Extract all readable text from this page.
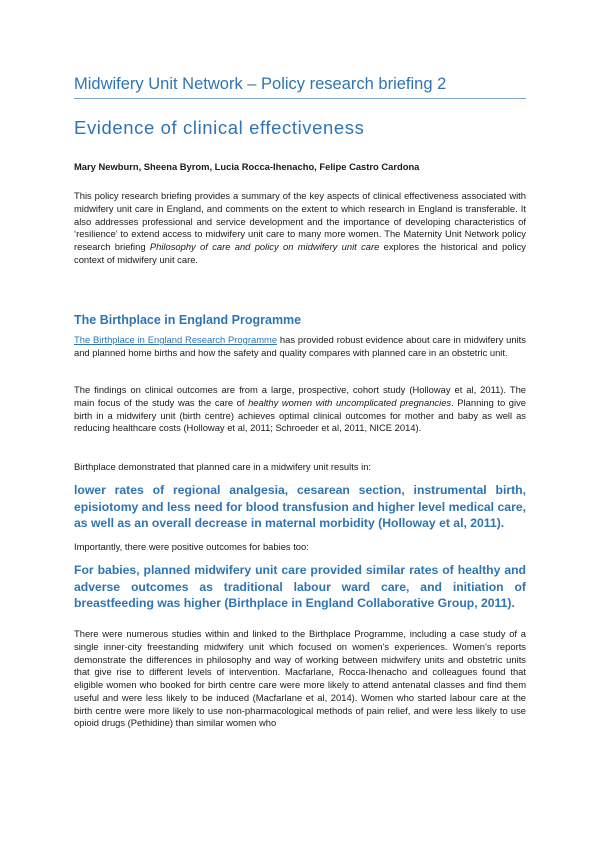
Midwifery Unit Network – Policy research briefing 2
Evidence of clinical effectiveness
Mary Newburn, Sheena Byrom, Lucia Rocca-Ihenacho, Felipe Castro Cardona
This policy research briefing provides a summary of the key aspects of clinical effectiveness associated with midwifery unit care in England, and comments on the extent to which research in England is transferable. It also addresses professional and service development and the importance of developing characteristics of ‘resilience’ to extend access to midwifery unit care to many more women. The Maternity Unit Network policy research briefing Philosophy of care and policy on midwifery unit care explores the historical and policy context of midwifery unit care.
The Birthplace in England Programme
The Birthplace in England Research Programme has provided robust evidence about care in midwifery units and planned home births and how the safety and quality compares with planned care in an obstetric unit.
The findings on clinical outcomes are from a large, prospective, cohort study (Holloway et al, 2011). The main focus of the study was the care of healthy women with uncomplicated pregnancies. Planning to give birth in a midwifery unit (birth centre) achieves optimal clinical outcomes for mother and baby as well as reducing healthcare costs (Holloway et al, 2011; Schroeder et al, 2011, NICE 2014).
Birthplace demonstrated that planned care in a midwifery unit results in:
lower rates of regional analgesia, cesarean section, instrumental birth, episiotomy and less need for blood transfusion and higher level medical care, as well as an overall decrease in maternal morbidity (Holloway et al, 2011).
Importantly, there were positive outcomes for babies too:
For babies, planned midwifery unit care provided similar rates of healthy and adverse outcomes as traditional labour ward care, and initiation of breastfeeding was higher (Birthplace in England Collaborative Group, 2011).
There were numerous studies within and linked to the Birthplace Programme, including a case study of a single inner-city freestanding midwifery unit which focused on women’s experiences. Women’s reports demonstrate the differences in philosophy and way of working between midwifery units and obstetric units that give rise to different levels of intervention. Macfarlane, Rocca-Ihenacho and colleagues found that eligible women who booked for birth centre care were more likely to attend antenatal classes and find them useful and were less likely to be induced (Macfarlane et al, 2014). Women who started labour care at the birth centre were more likely to use non-pharmacological methods of pain relief, and were less likely to use opioid drugs (Pethidine) than similar women who
